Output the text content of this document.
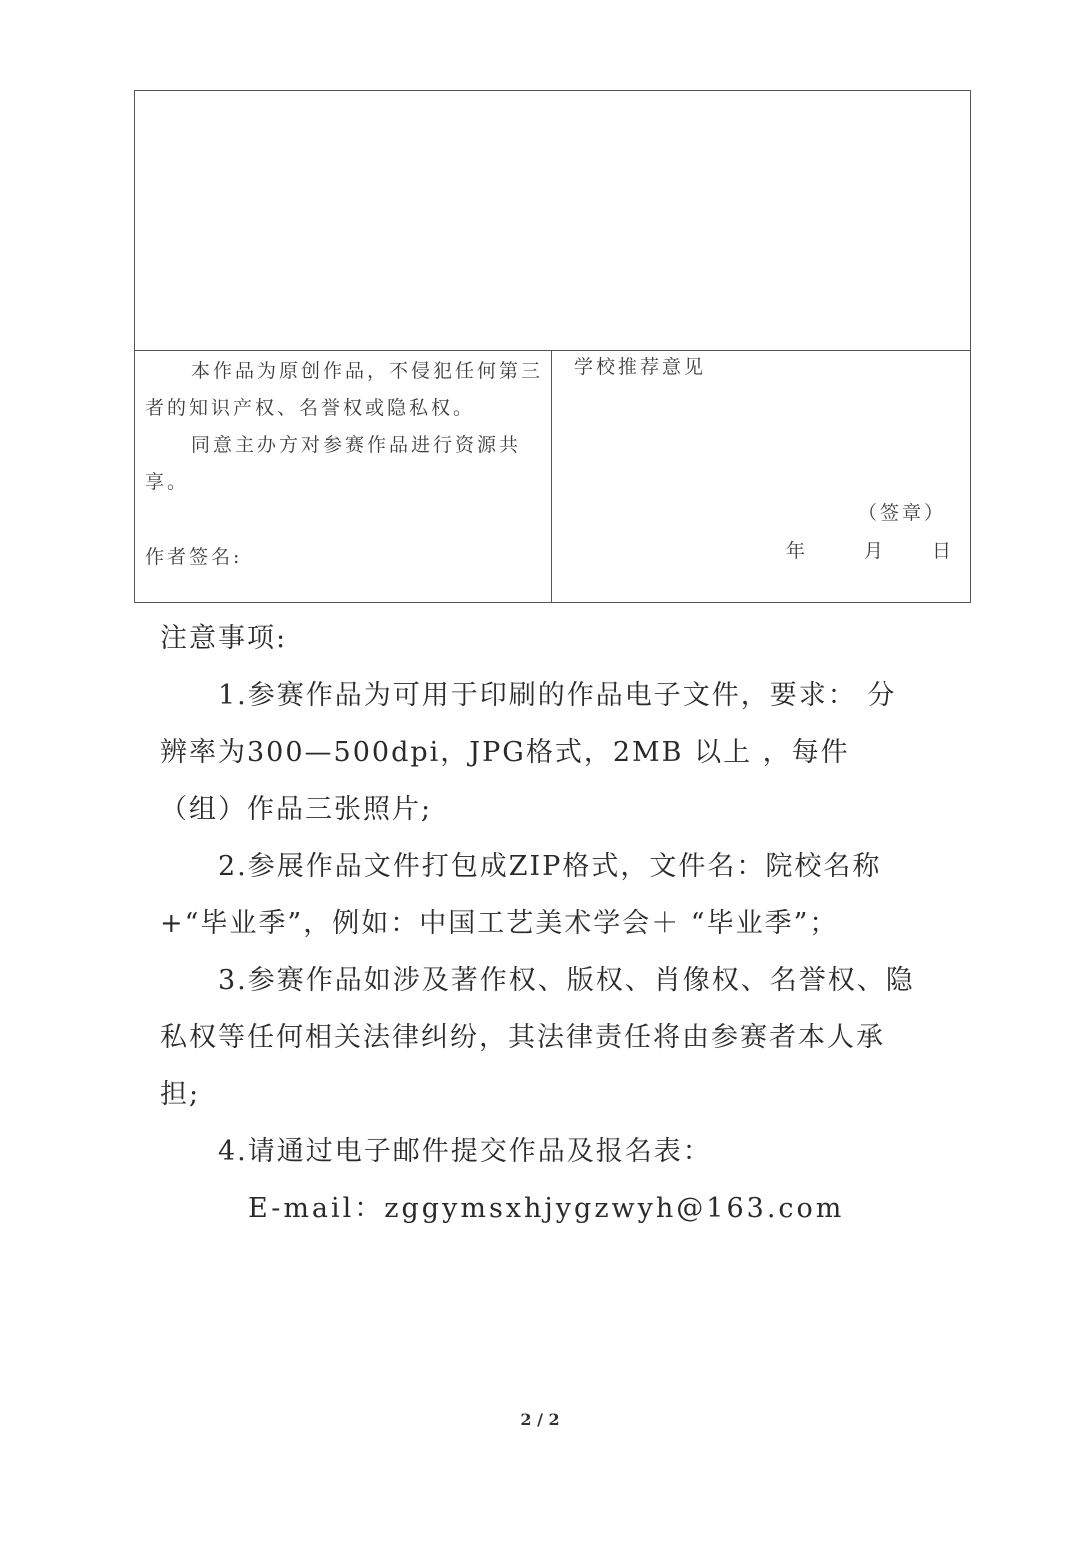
本作品为原创作品，不侵犯任何第三者的知识产权、名誉权或隐私权。

同意主办方对参赛作品进行资源共享。

作者签名:

学校推荐意见

（签章）

年	月 日

注意事项:

1.参赛作品为可用于印刷的作品电子文件，要求： 分辨率为300—500dpi，JPG格式，2MB 以上 ，每件（组）作品三张照片;

2.参展作品文件打包成ZIP格式，文件名：院校名称+“毕业季”，例如：中国工艺美术学会＋ “毕业季”；

3.参赛作品如涉及著作权、版权、肖像权、名誉权、隐私权等任何相关法律纠纷，其法律责任将由参赛者本人承担;

4.请通过电子邮件提交作品及报名表：

E-mail：zggymsxhjygzwyh@163.com

2 / 2
